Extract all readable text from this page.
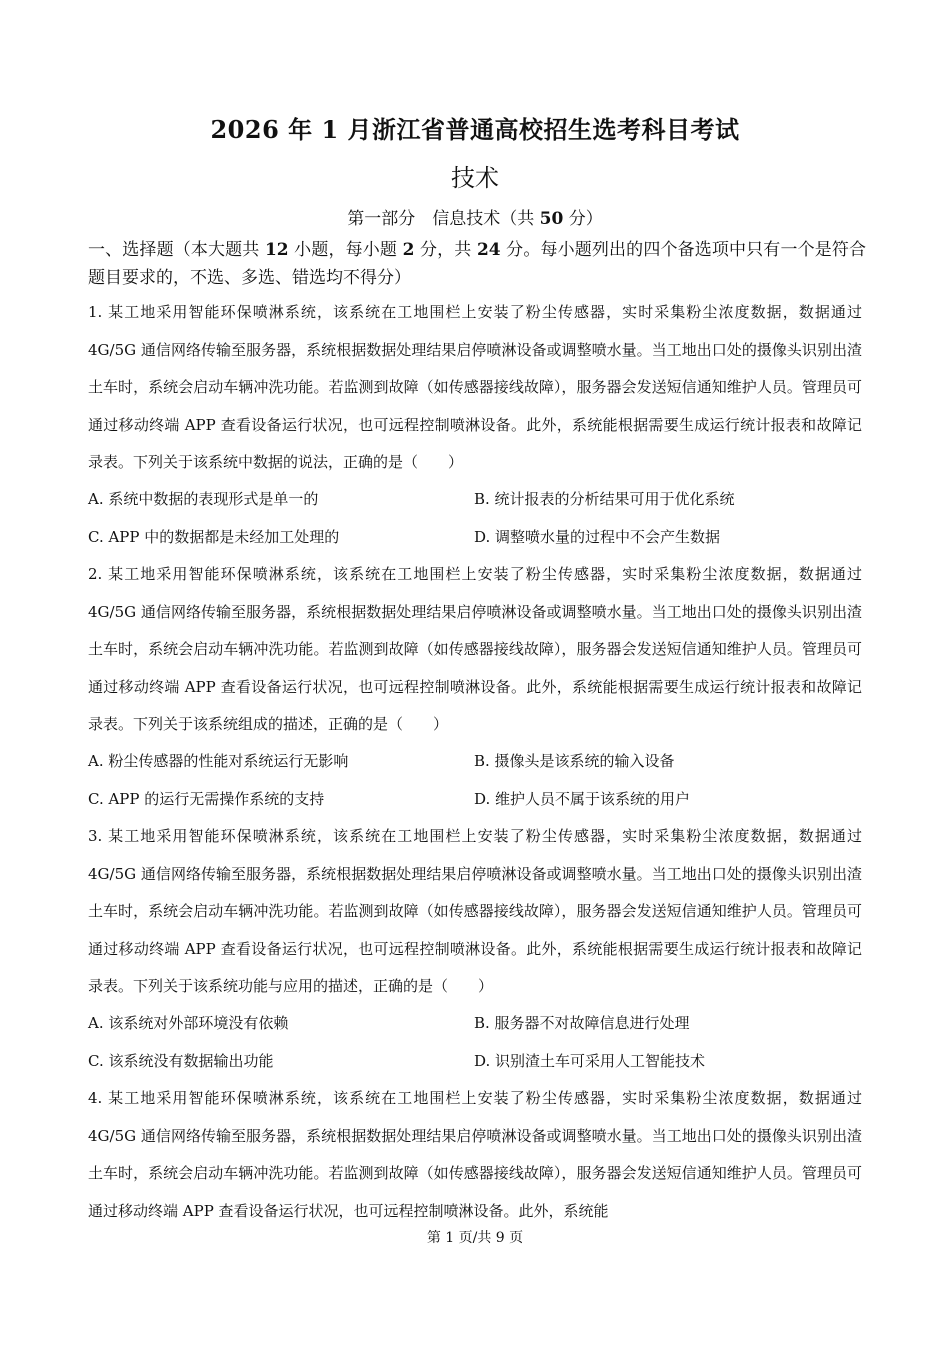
2026 年 1 月浙江省普通高校招生选考科目考试
技术
第一部分　信息技术（共 50 分）
一、选择题（本大题共 12 小题，每小题 2 分，共 24 分。每小题列出的四个备选项中只有一个是符合题目要求的，不选、多选、错选均不得分）
1. 某工地采用智能环保喷淋系统，该系统在工地围栏上安装了粉尘传感器，实时采集粉尘浓度数据，数据通过 4G/5G 通信网络传输至服务器，系统根据数据处理结果启停喷淋设备或调整喷水量。当工地出口处的摄像头识别出渣土车时，系统会启动车辆冲洗功能。若监测到故障（如传感器接线故障），服务器会发送短信通知维护人员。管理员可通过移动终端 APP 查看设备运行状况，也可远程控制喷淋设备。此外，系统能根据需要生成运行统计报表和故障记录表。下列关于该系统中数据的说法，正确的是（　　）
A. 系统中数据的表现形式是单一的	B. 统计报表的分析结果可用于优化系统
C. APP 中的数据都是未经加工处理的	D. 调整喷水量的过程中不会产生数据
2. 某工地采用智能环保喷淋系统，该系统在工地围栏上安装了粉尘传感器，实时采集粉尘浓度数据，数据通过 4G/5G 通信网络传输至服务器，系统根据数据处理结果启停喷淋设备或调整喷水量。当工地出口处的摄像头识别出渣土车时，系统会启动车辆冲洗功能。若监测到故障（如传感器接线故障），服务器会发送短信通知维护人员。管理员可通过移动终端 APP 查看设备运行状况，也可远程控制喷淋设备。此外，系统能根据需要生成运行统计报表和故障记录表。下列关于该系统组成的描述，正确的是（　　）
A. 粉尘传感器的性能对系统运行无影响	B. 摄像头是该系统的输入设备
C. APP 的运行无需操作系统的支持	D. 维护人员不属于该系统的用户
3. 某工地采用智能环保喷淋系统，该系统在工地围栏上安装了粉尘传感器，实时采集粉尘浓度数据，数据通过 4G/5G 通信网络传输至服务器，系统根据数据处理结果启停喷淋设备或调整喷水量。当工地出口处的摄像头识别出渣土车时，系统会启动车辆冲洗功能。若监测到故障（如传感器接线故障），服务器会发送短信通知维护人员。管理员可通过移动终端 APP 查看设备运行状况，也可远程控制喷淋设备。此外，系统能根据需要生成运行统计报表和故障记录表。下列关于该系统功能与应用的描述，正确的是（　　）
A. 该系统对外部环境没有依赖	B. 服务器不对故障信息进行处理
C. 该系统没有数据输出功能	D. 识别渣土车可采用人工智能技术
4. 某工地采用智能环保喷淋系统，该系统在工地围栏上安装了粉尘传感器，实时采集粉尘浓度数据，数据通过 4G/5G 通信网络传输至服务器，系统根据数据处理结果启停喷淋设备或调整喷水量。当工地出口处的摄像头识别出渣土车时，系统会启动车辆冲洗功能。若监测到故障（如传感器接线故障），服务器会发送短信通知维护人员。管理员可通过移动终端 APP 查看设备运行状况，也可远程控制喷淋设备。此外，系统能
第 1 页/共 9 页
